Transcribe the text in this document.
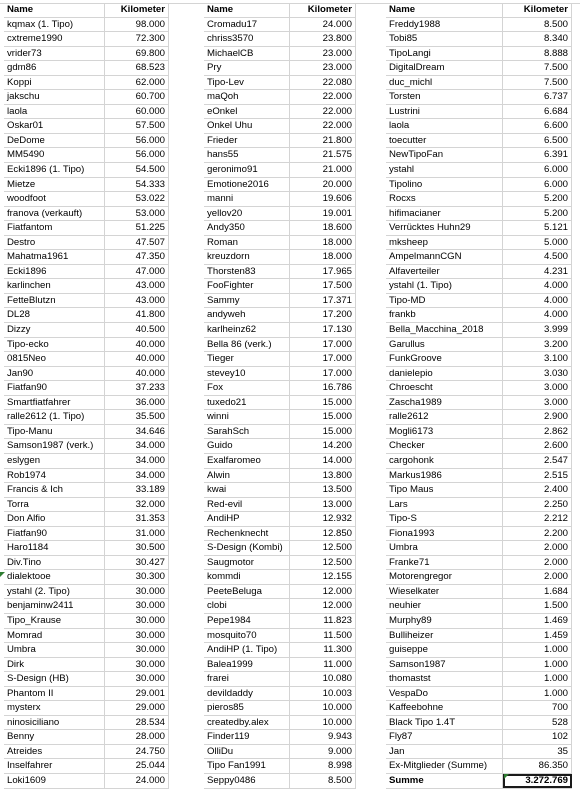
Name	Kilometer
kqmax (1. Tipo)	98.000
cxtreme1990	72.300
vrider73	69.800
gdm86	68.523
Koppi	62.000
jakschu	60.700
laola	60.000
Oskar01	57.500
DeDome	56.000
MM5490	56.000
Ecki1896 (1. Tipo)	54.500
Mietze	54.333
woodfoot	53.022
franova (verkauft)	53.000
Fiatfantom	51.225
Destro	47.507
Mahatma1961	47.350
Ecki1896	47.000
karlinchen	43.000
FetteBlutzn	43.000
DL28	41.800
Dizzy	40.500
Tipo-ecko	40.000
0815Neo	40.000
Jan90	40.000
Fiatfan90	37.233
Smartfiatfahrer	36.000
ralle2612 (1. Tipo)	35.500
Tipo-Manu	34.646
Samson1987 (verk.)	34.000
eslygen	34.000
Rob1974	34.000
Francis & Ich	33.189
Torra	32.000
Don Alfio	31.353
Fiatfan90	31.000
Haro1184	30.500
Div.Tino	30.427
dialektooe	30.300
ystahl (2. Tipo)	30.000
benjaminw2411	30.000
Tipo_Krause	30.000
Momrad	30.000
Umbra	30.000
Dirk	30.000
S-Design (HB)	30.000
Phantom II	29.001
mysterx	29.000
ninosiciliano	28.534
Benny	28.000
Atreides	24.750
Inselfahrer	25.044
Loki1609	24.000
Name	Kilometer
Cromadu17	24.000
chriss3570	23.800
MichaelCB	23.000
Pry	23.000
Tipo-Lev	22.080
maQoh	22.000
eOnkel	22.000
Onkel Uhu	22.000
Frieder	21.800
hans55	21.575
geronimo91	21.000
Emotione2016	20.000
manni	19.606
yellov20	19.001
Andy350	18.600
Roman	18.000
kreuzdorn	18.000
Thorsten83	17.965
FooFighter	17.500
Sammy	17.371
andyweh	17.200
karlheinz62	17.130
Bella 86 (verk.)	17.000
Tieger	17.000
stevey10	17.000
Fox	16.786
tuxedo21	15.000
winni	15.000
SarahSch	15.000
Guido	14.200
Exalfaromeo	14.000
Alwin	13.800
kwai	13.500
Red-evil	13.000
AndiHP	12.932
Rechenknecht	12.850
S-Design (Kombi)	12.500
Saugmotor	12.500
kommdi	12.155
PeeteBeluga	12.000
clobi	12.000
Pepe1984	11.823
mosquito70	11.500
AndiHP (1. Tipo)	11.300
Balea1999	11.000
frarei	10.080
devildaddy	10.003
pieros85	10.000
createdby.alex	10.000
Finder119	9.943
OlliDu	9.000
Tipo Fan1991	8.998
Seppy0486	8.500
Name	Kilometer
Freddy1988	8.500
Tobi85	8.340
TipoLangi	8.888
DigitalDream	7.500
duc_michl	7.500
Torsten	6.737
Lustrini	6.684
laola	6.600
toecutter	6.500
NewTipoFan	6.391
ystahl	6.000
Tipolino	6.000
Rocxs	5.200
hifimacianer	5.200
Verrücktes Huhn29	5.121
mksheep	5.000
AmpelmannCGN	4.500
Alfaverteiler	4.231
ystahl (1. Tipo)	4.000
Tipo-MD	4.000
frankb	4.000
Bella_Macchina_2018	3.999
Garullus	3.200
FunkGroove	3.100
danielepio	3.030
Chroescht	3.000
Zascha1989	3.000
ralle2612	2.900
Mogli6173	2.862
Checker	2.600
cargohonk	2.547
Markus1986	2.515
Tipo Maus	2.400
Lars	2.250
Tipo-S	2.212
Fiona1993	2.200
Umbra	2.000
Franke71	2.000
Motorengregor	2.000
Wieselkater	1.684
neuhier	1.500
Murphy89	1.469
Bulliheizer	1.459
guiseppe	1.000
Samson1987	1.000
thomastst	1.000
VespaDo	1.000
Kaffeebohne	700
Black Tipo 1.4T	528
Fly87	102
Jan	35
Ex-Mitglieder (Summe)	86.350
Summe	3.272.769
